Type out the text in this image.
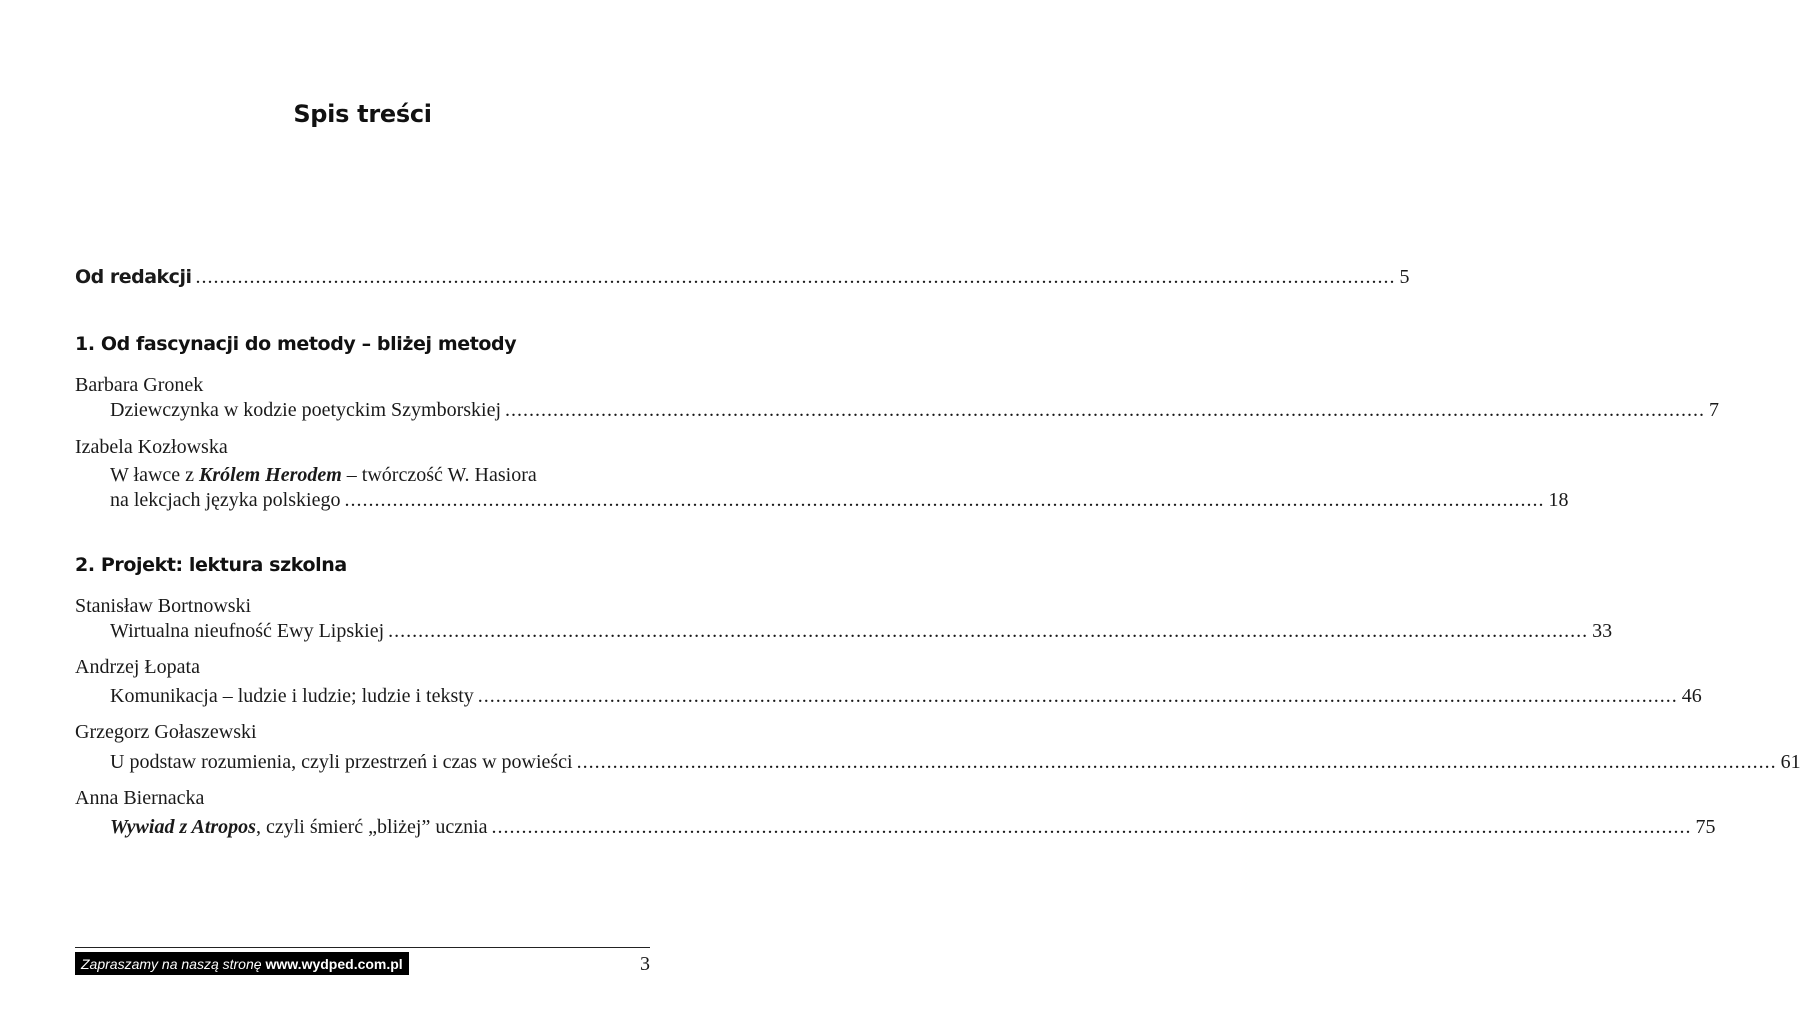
Spis treści
Od redakcji ........................................................................................................................................................................................................ 5
1. Od fascynacji do metody – bliżej metody
Barbara Gronek
Dziewczynka w kodzie poetyckim Szymborskiej ........................................................................................................................................................................................................ 7
Izabela Kozłowska
W ławce z Królem Herodem – twórczość W. Hasiora
na lekcjach języka polskiego ........................................................................................................................................................................................................ 18
2. Projekt: lektura szkolna
Stanisław Bortnowski
Wirtualna nieufność Ewy Lipskiej ........................................................................................................................................................................................................ 33
Andrzej Łopata
Komunikacja – ludzie i ludzie; ludzie i teksty ........................................................................................................................................................................................................ 46
Grzegorz Gołaszewski
U podstaw rozumienia, czyli przestrzeń i czas w powieści ........................................................................................................................................................................................................ 61
Anna Biernacka
Wywiad z Atropos, czyli śmierć „bliżej” ucznia ........................................................................................................................................................................................................ 75
Zapraszamy na naszą stronę www.wydped.com.pl	3
